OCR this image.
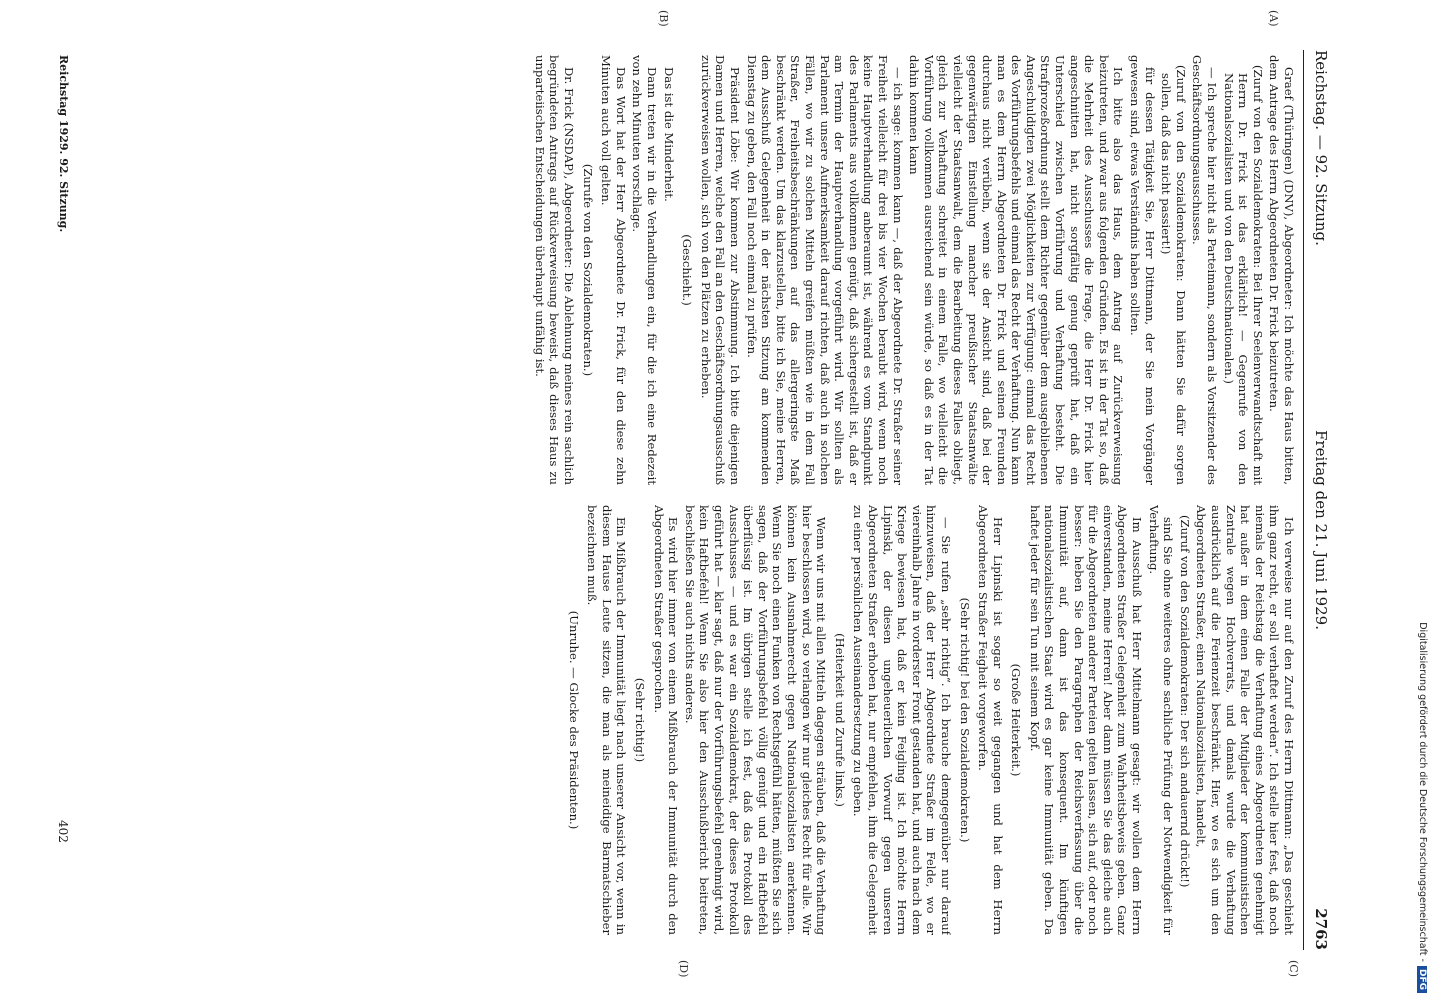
Reichstag. — 92. Sitzung.
Freitag den 21. Juni 1929.
2763
(A)
(B)
(C)
(D)

Graef (Thüringen) (DNV), Abgeordneter: Ich möchte das Haus bitten, dem Antrage des Herrn Abgeordneten Dr. Frick beizutreten.

(Zuruf von den Sozialdemokraten: Bei Ihrer Seelenverwandtschaft mit Herrn Dr. Frick ist das erklärlich! — Gegenrufe von den Nationalsozialisten und von den Deutschnationalen.)

— Ich spreche hier nicht als Parteimann, sondern als Vorsitzender des Geschäftsordnungsausschusses.

(Zuruf von den Sozialdemokraten: Dann hätten Sie dafür sorgen sollen, daß das nicht passiert!)

für dessen Tätigkeit Sie, Herr Dittmann, der Sie mein Vorgänger gewesen sind, etwas Verständnis haben sollten.

Ich bitte also das Haus, dem Antrag auf Zurückverweisung beizutreten, und zwar aus folgenden Gründen. Es ist in der Tat so, daß die Mehrheit des Ausschusses die Frage, die Herr Dr. Frick hier angeschnitten hat, nicht sorgfältig genug geprüft hat, daß ein Unterschied zwischen Vorführung und Verhaftung besteht. Die Strafprozeßordnung stellt dem Richter gegenüber dem ausgebliebenen Angeschuldigten zwei Möglichkeiten zur Verfügung: einmal das Recht des Vorführungsbefehls und einmal das Recht der Verhaftung. Nun kann man es dem Herrn Abgeordneten Dr. Frick und seinen Freunden durchaus nicht verübeln, wenn sie der Ansicht sind, daß bei der gegenwärtigen Einstellung mancher preußischer Staatsanwälte vielleicht der Staatsanwalt, dem die Bearbeitung dieses Falles obliegt, gleich zur Verhaftung schreitet in einem Falle, wo vielleicht die Vorführung vollkommen ausreichend sein würde, so daß es in der Tat dahin kommen kann

— ich sage: kommen kann —, daß der Abgeordnete Dr. Straßer seiner Freiheit vielleicht für drei bis vier Wochen beraubt wird, wenn noch keine Hauptverhandlung anberaumt ist, während es vom Standpunkt des Parlaments aus vollkommen genügt, daß sichergestellt ist, daß er am Termin der Hauptverhandlung vorgeführt wird. Wir sollten als Parlament unsere Aufmerksamkeit darauf richten, daß auch in solchen Fällen, wo wir zu solchen Mitteln greifen müßten wie in dem Fall Straßer, Freiheitsbeschränkungen auf das allergeringste Maß beschränkt werden. Um das klarzustellen, bitte ich Sie, meine Herren, dem Ausschuß Gelegenheit in der nächsten Sitzung am kommenden Dienstag zu geben, den Fall noch einmal zu prüfen.

Präsident Löbe: Wir kommen zur Abstimmung. Ich bitte diejenigen Damen und Herren, welche den Fall an den Geschäftsordnungsausschuß zurückverweisen wollen, sich von den Plätzen zu erheben.

(Geschieht.)

Das ist die Minderheit.

Dann treten wir in die Verhandlungen ein, für die ich eine Redezeit von zehn Minuten vorschlage.

Das Wort hat der Herr Abgeordnete Dr. Frick, für den diese zehn Minuten auch voll gelten.

(Zurufe von den Sozialdemokraten.)

Dr. Frick (NSDAP), Abgeordneter: Die Ablehnung meines rein sachlich begründeten Antrags auf Rückverweisung beweist, daß dieses Haus zu unparteiischen Entscheidungen überhaupt unfähig ist.

Ich verweise nur auf den Zuruf des Herrn Dittmann: „Das geschieht ihm ganz recht, er soll verhaftet werden“. Ich stelle hier fest, daß noch niemals der Reichstag die Verhaftung eines Abgeordneten genehmigt hat außer in dem einen Falle der Mitglieder der kommunistischen Zentrale wegen Hochverrats, und damals wurde die Verhaftung ausdrücklich auf die Ferienzeit beschränkt. Hier, wo es sich um den Abgeordneten Straßer, einen Nationalsozialisten, handelt,

(Zuruf von den Sozialdemokraten: Der sich andauernd drückt!)

sind Sie ohne weiteres ohne sachliche Prüfung der Notwendigkeit für Verhaftung.

Im Ausschuß hat Herr Mittelmann gesagt: wir wollen dem Herrn Abgeordneten Straßer Gelegenheit zum Wahrheitsbeweis geben. Ganz einverstanden, meine Herren! Aber dann müssen Sie das gleiche auch für die Abgeordneten anderer Parteien gelten lassen, sich auf, oder noch besser: heben Sie den Paragraphen der Reichsverfassung über die Immunität auf, dann ist das konsequent. Im künftigen nationalsozialistischen Staat wird es gar keine Immunität geben. Da haftet jeder für sein Tun mit seinem Kopf.

(Große Heiterkeit.)

Herr Lipinski ist sogar so weit gegangen und hat dem Herrn Abgeordneten Straßer Feigheit vorgeworfen.

(Sehr richtig! bei den Sozialdemokraten.)

— Sie rufen „sehr richtig“. Ich brauche demgegenüber nur darauf hinzuweisen, daß der Herr Abgeordnete Straßer im Felde, wo er viereinhalb Jahre in vorderster Front gestanden hat, und auch nach dem Kriege bewiesen hat, daß er kein Feigling ist. Ich möchte Herrn Lipinski, der diesen ungeheuerlichen Vorwurf gegen unseren Abgeordneten Straßer erhoben hat, nur empfehlen, ihm die Gelegenheit zu einer persönlichen Auseinandersetzung zu geben.

(Heiterkeit und Zurufe links.)

Wenn wir uns mit allen Mitteln dagegen sträuben, daß die Verhaftung hier beschlossen wird, so verlangen wir nur gleiches Recht für alle. Wir können kein Ausnahmerecht gegen Nationalsozialisten anerkennen. Wenn Sie noch einen Funken von Rechtsgefühl hätten, müßten Sie sich sagen, daß der Vorführungsbefehl völlig genügt und ein Haftbefehl überflüssig ist. Im übrigen stelle ich fest, daß das Protokoll des Ausschusses — und es war ein Sozialdemokrat, der dieses Protokoll geführt hat — klar sagt, daß nur der Vorführungsbefehl genehmigt wird, kein Haftbefehl! Wenn Sie also hier den Ausschußbericht beitreten, beschließen Sie auch nichts anderes.

Es wird hier immer von einem Mißbrauch der Immunität durch den Abgeordneten Straßer gesprochen.

(Sehr richtig!)

Ein Mißbrauch der Immunität liegt nach unserer Ansicht vor, wenn in diesem Hause Leute sitzen, die man als meineidige Barmatschieber bezeichnen muß.

(Unruhe. — Glocke des Präsidenten.)

Reichstag 1929. 92. Sitzung.
402	Digitalisierung gefördert durch die Deutsche Forschungsgemeinschaft -DFG
